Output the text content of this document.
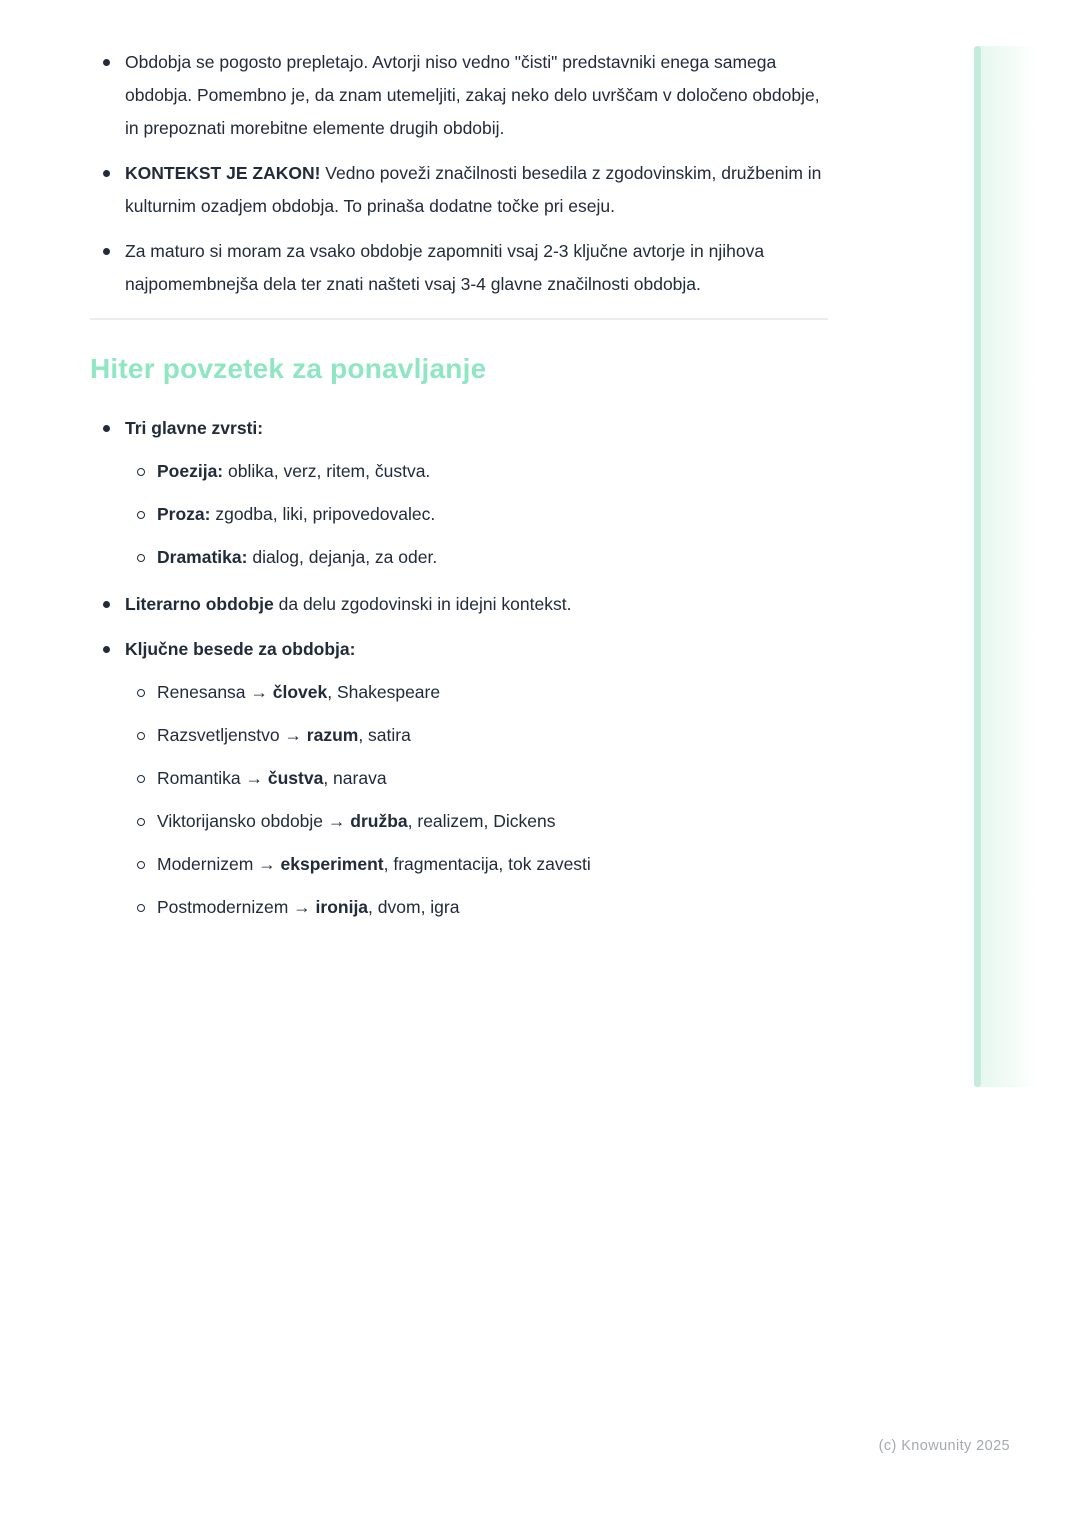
Obdobja se pogosto prepletajo. Avtorji niso vedno "čisti" predstavniki enega samega obdobja. Pomembno je, da znam utemeljiti, zakaj neko delo uvrščam v določeno obdobje, in prepoznati morebitne elemente drugih obdobij.
KONTEKST JE ZAKON! Vedno poveži značilnosti besedila z zgodovinskim, družbenim in kulturnim ozadjem obdobja. To prinaša dodatne točke pri eseju.
Za maturo si moram za vsako obdobje zapomniti vsaj 2-3 ključne avtorje in njihova najpomembnejša dela ter znati našteti vsaj 3-4 glavne značilnosti obdobja.
Hiter povzetek za ponavljanje
Tri glavne zvrsti:
Poezija: oblika, verz, ritem, čustva.
Proza: zgodba, liki, pripovedovalec.
Dramatika: dialog, dejanja, za oder.
Literarno obdobje da delu zgodovinski in idejni kontekst.
Ključne besede za obdobja:
Renesansa → človek, Shakespeare
Razsvetljenstvo → razum, satira
Romantika → čustva, narava
Viktorijansko obdobje → družba, realizem, Dickens
Modernizem → eksperiment, fragmentacija, tok zavesti
Postmodernizem → ironija, dvom, igra
(c) Knowunity 2025
